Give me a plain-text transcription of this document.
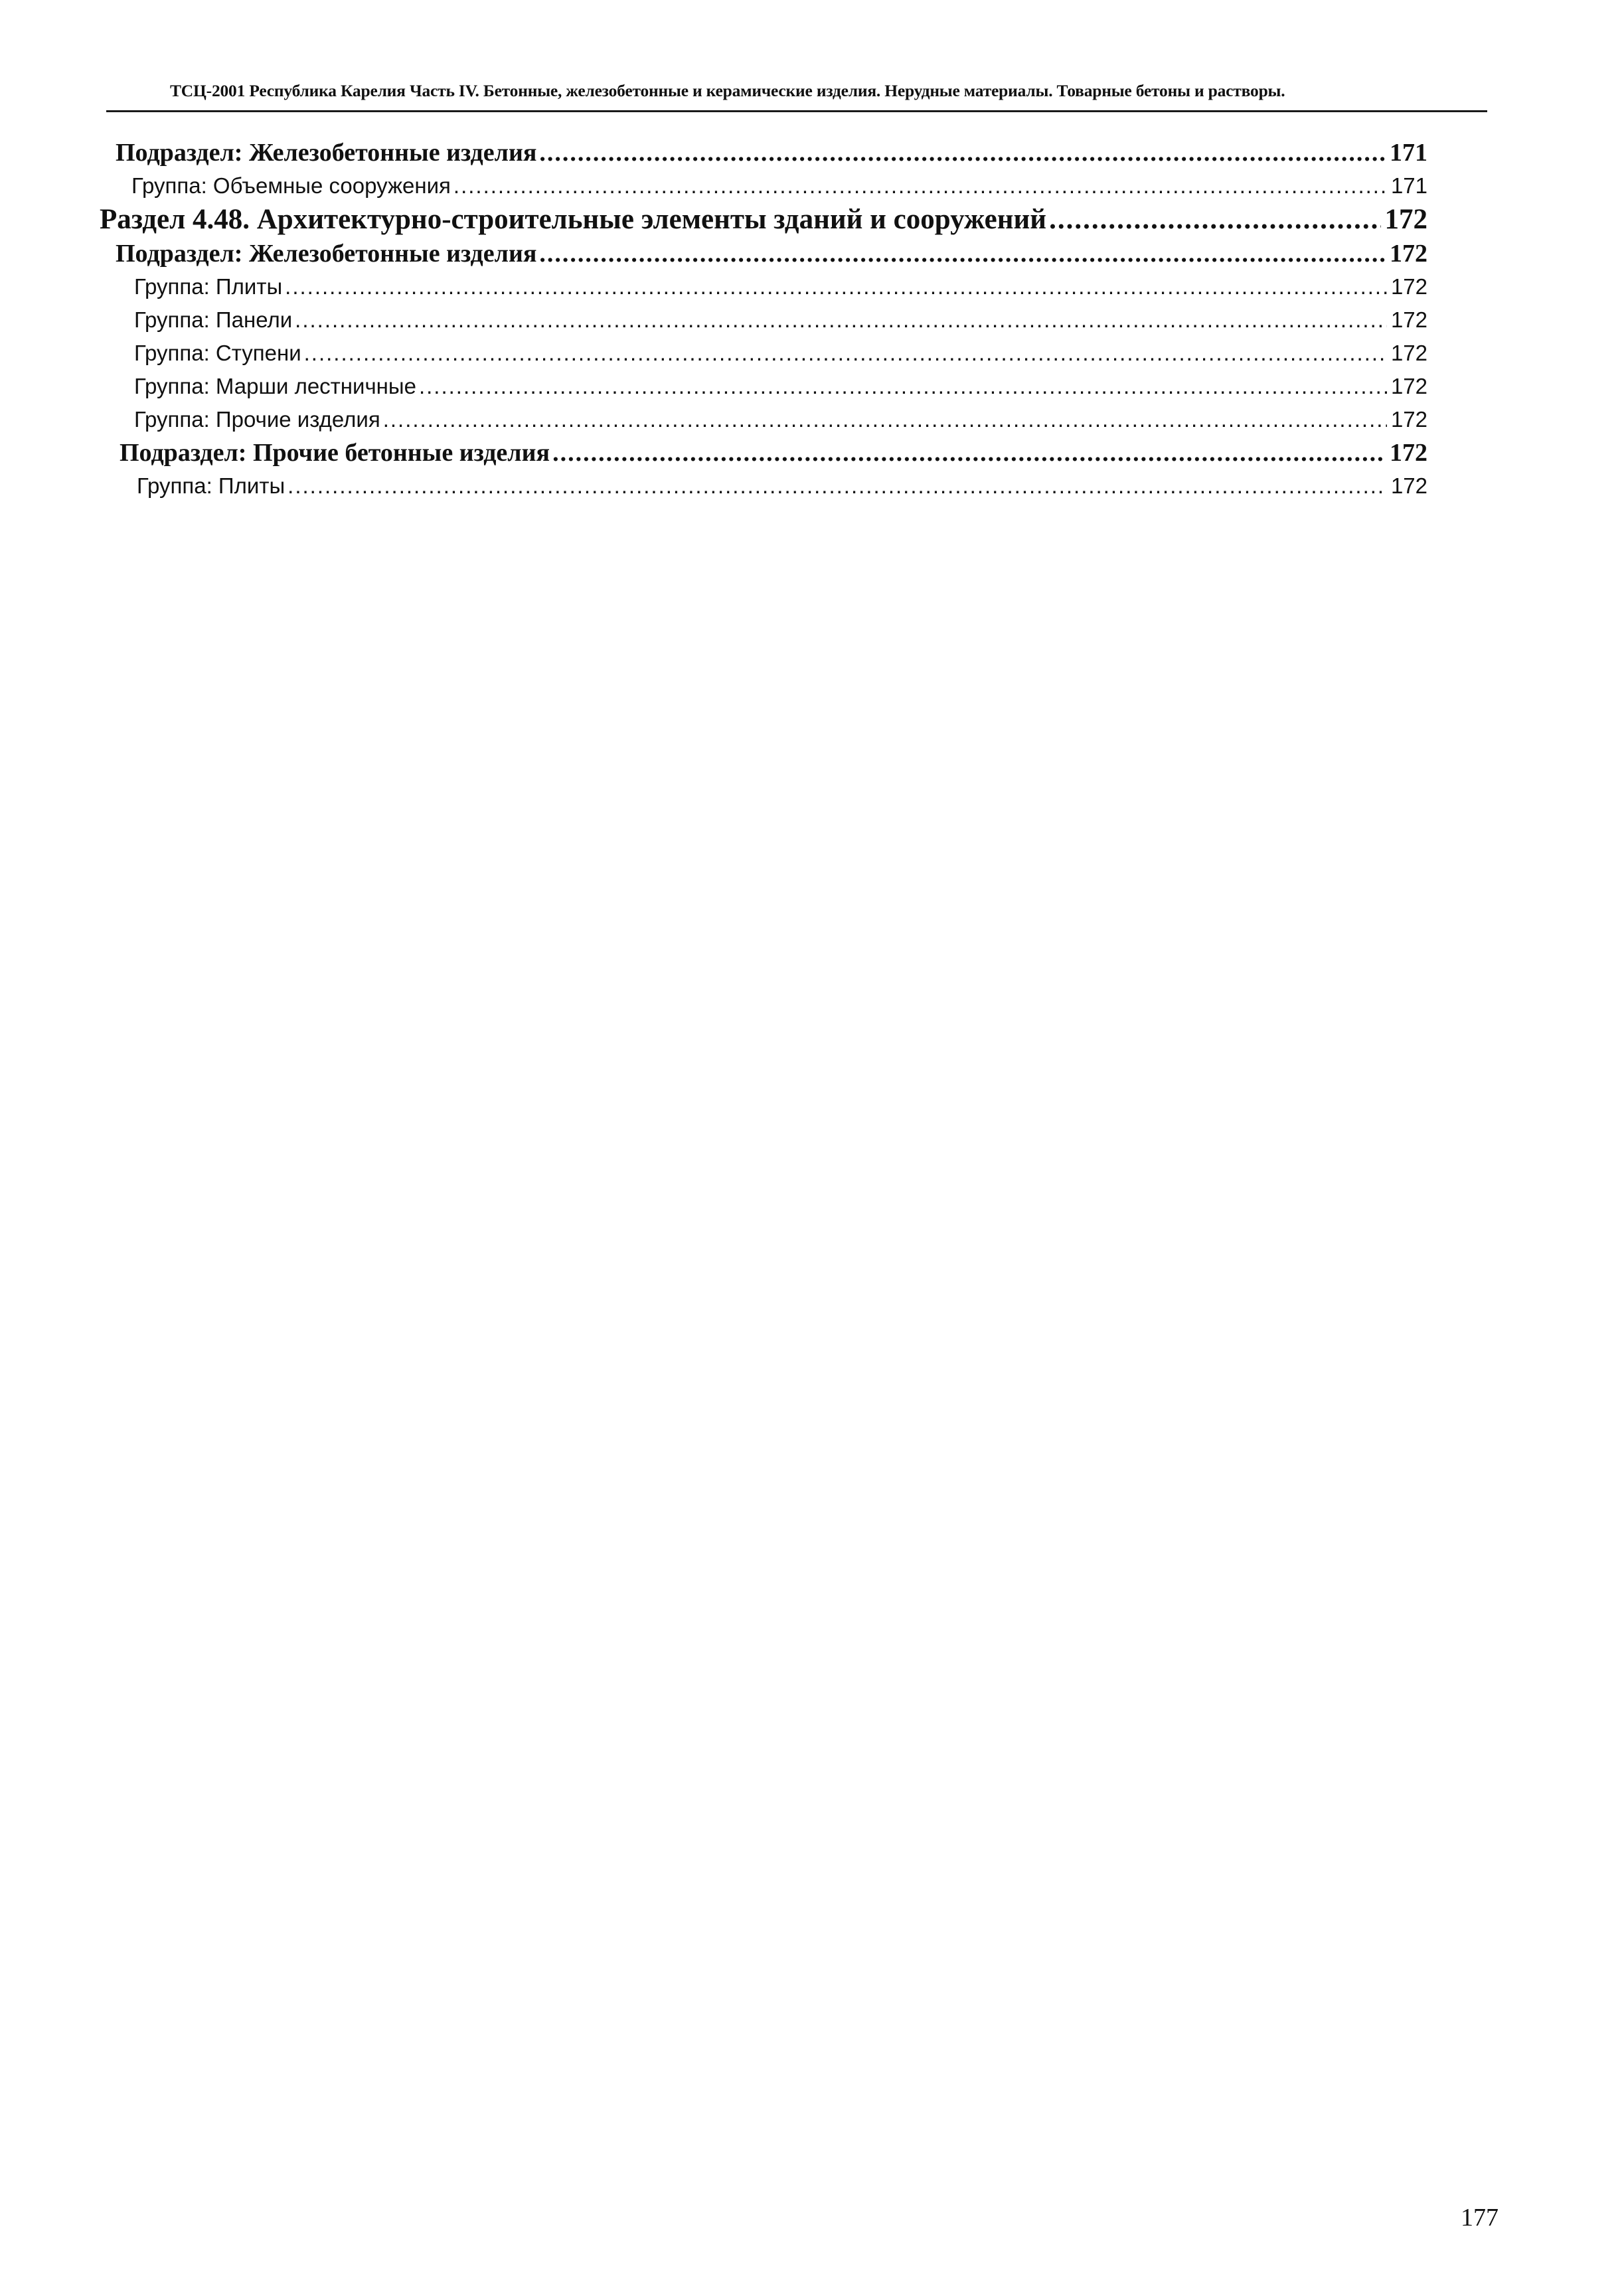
ТСЦ-2001 Республика Карелия Часть IV. Бетонные, железобетонные и керамические изделия. Нерудные материалы. Товарные бетоны и растворы.
Подраздел: Железобетонные изделия .....	171
Группа: Объемные сооружения .....	171
Раздел 4.48. Архитектурно-строительные элементы зданий и сооружений .....	172
Подраздел: Железобетонные изделия .....	172
Группа: Плиты .....	172
Группа: Панели .....	172
Группа: Ступени .....	172
Группа: Марши лестничные .....	172
Группа: Прочие изделия .....	172
Подраздел: Прочие бетонные изделия .....	172
Группа: Плиты .....	172
177
